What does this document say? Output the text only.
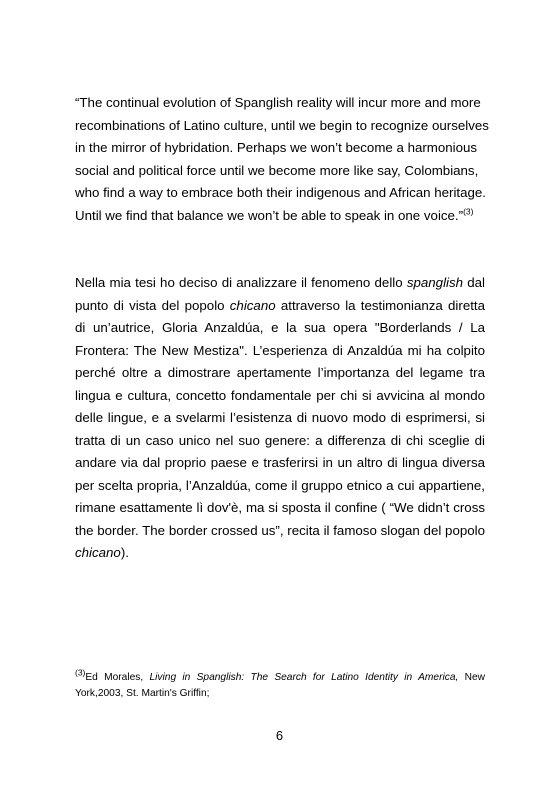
“The continual evolution of Spanglish reality will incur more and more recombinations of Latino culture, until we begin to recognize ourselves in the mirror of hybridation. Perhaps we won’t become a harmonious social and political force until we become more like say, Colombians, who find a way to embrace both their indigenous and African heritage. Until we find that balance we won’t be able to speak in one voice.”$^{(3)}$

Nella mia tesi ho deciso di analizzare il fenomeno dello spanglish dal punto di vista del popolo chicano attraverso la testimonianza diretta di un’autrice, Gloria Anzaldúa, e la sua opera "Borderlands / La Frontera: The New Mestiza". L’esperienza di Anzaldúa mi ha colpito perché oltre a dimostrare apertamente l’importanza del legame tra lingua e cultura, concetto fondamentale per chi si avvicina al mondo delle lingue, e a svelarmi l’esistenza di nuovo modo di esprimersi, si tratta di un caso unico nel suo genere: a differenza di chi sceglie di andare via dal proprio paese e trasferirsi in un altro di lingua diversa per scelta propria, l’Anzaldúa, come il gruppo etnico a cui appartiene, rimane esattamente lì dov'è, ma si sposta il confine ( “We didn’t cross the border. The border crossed us”, recita il famoso slogan del popolo chicano).

$^{(3)}$Ed Morales, Living in Spanglish: The Search for Latino Identity in America, New York,2003, St. Martin's Griffin;

6
